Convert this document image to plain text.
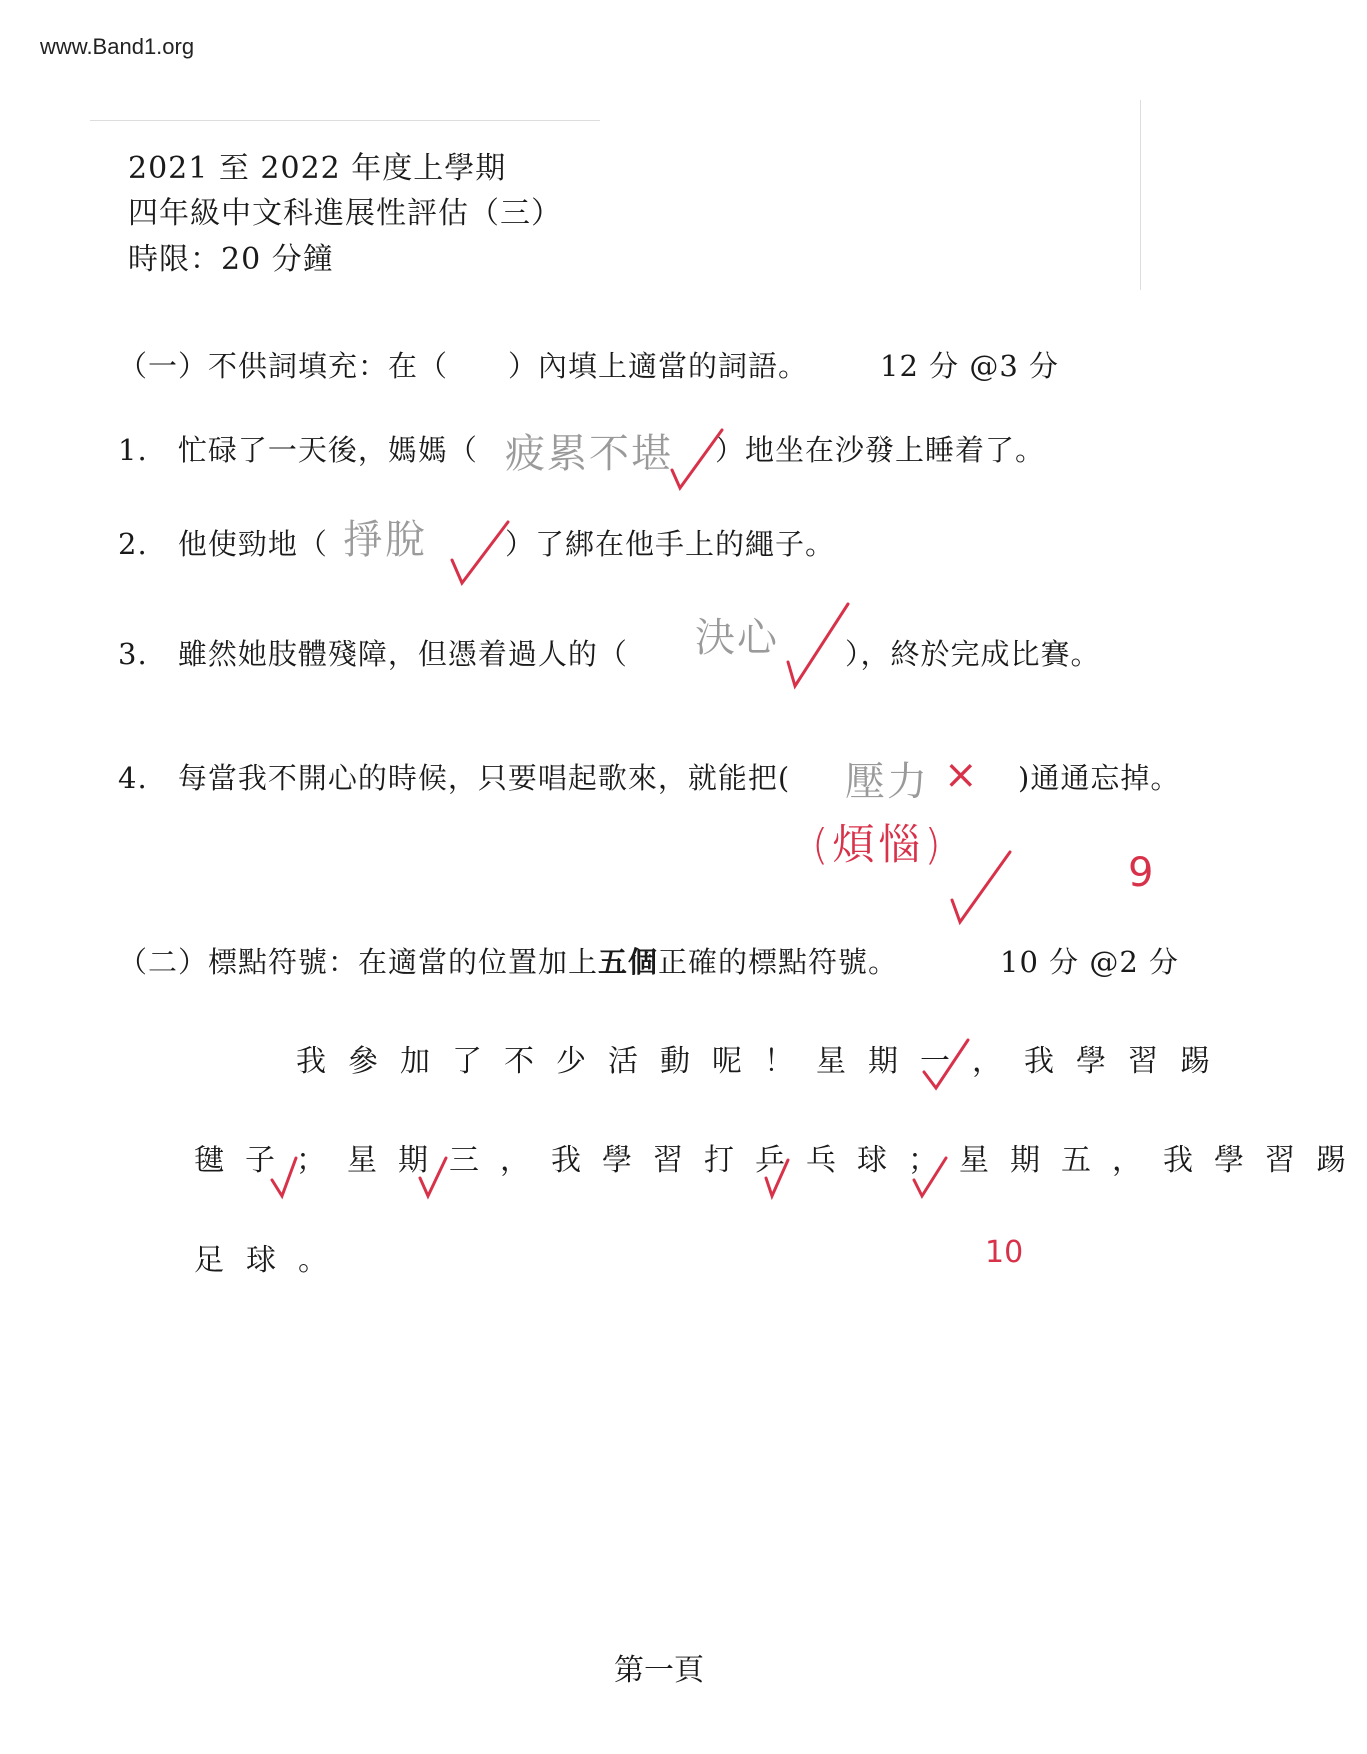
www.Band1.org
2021 至 2022 年度上學期
四年級中文科進展性評估（三）
時限：20 分鐘
（一）不供詞填充：在（　　）內填上適當的詞語。 12 分 @3 分
1. 忙碌了一天後，媽媽（ 疲累不堪 ）地坐在沙發上睡着了。
2. 他使勁地（ 掙脫	）了綁在他手上的繩子。
3. 雖然她肢體殘障，但憑着過人的（ 決心 ），終於完成比賽。
4. 每當我不開心的時候，只要唱起歌來，就能把( 壓力 × )通通忘掉。
(煩惱)
9
（二）標點符號：在適當的位置加上五個正確的標點符號。	10 分 @2 分
我參加了不少活動呢！星期一，我學習踢
毽子；星期三，我學習打乒乓球；星期五，我學習踢
足球。	10
第一頁
